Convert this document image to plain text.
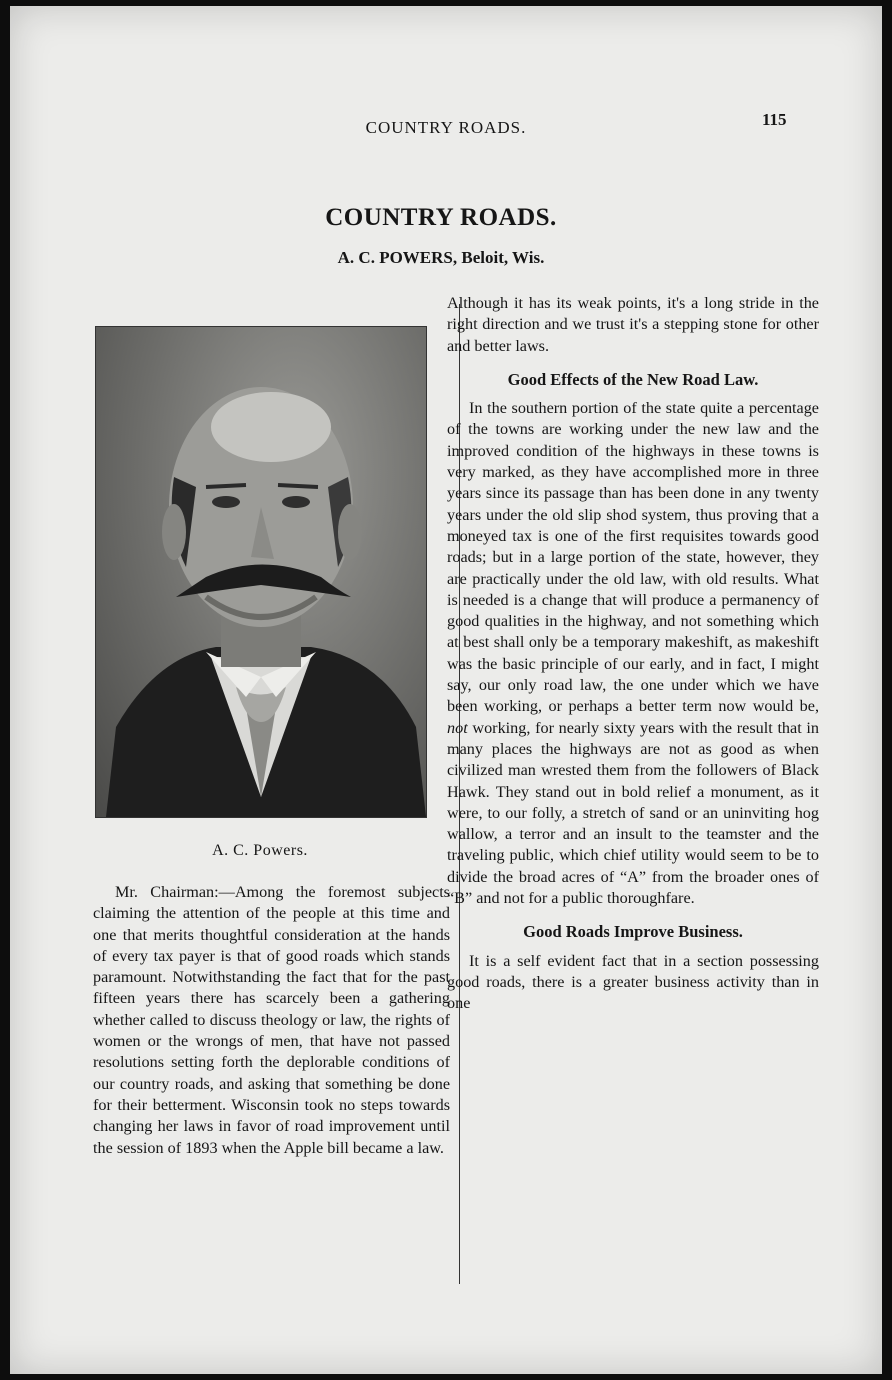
COUNTRY ROADS.	115
COUNTRY ROADS.
A. C. POWERS, Beloit, Wis.
A. C. Powers.

Mr. Chairman:—Among the foremost subjects claiming the attention of the people at this time and one that merits thoughtful consideration at the hands of every tax payer is that of good roads which stands paramount. Notwithstanding the fact that for the past fifteen years there has scarcely been a gathering whether called to discuss theology or law, the rights of women or the wrongs of men, that have not passed resolutions setting forth the deplorable conditions of our country roads, and asking that something be done for their betterment. Wisconsin took no steps towards changing her laws in favor of road improvement until the session of 1893 when the Apple bill became a law.

Although it has its weak points, it's a long stride in the right direction and we trust it's a stepping stone for other and better laws.

Good Effects of the New Road Law.

In the southern portion of the state quite a percentage of the towns are working under the new law and the improved condition of the highways in these towns is very marked, as they have accomplished more in three years since its passage than has been done in any twenty years under the old slip shod system, thus proving that a moneyed tax is one of the first requisites towards good roads; but in a large portion of the state, however, they are practically under the old law, with old results. What is needed is a change that will produce a permanency of good qualities in the highway, and not something which at best shall only be a temporary makeshift, as makeshift was the basic principle of our early, and in fact, I might say, our only road law, the one under which we have been working, or perhaps a better term now would be, not working, for nearly sixty years with the result that in many places the highways are not as good as when civilized man wrested them from the followers of Black Hawk. They stand out in bold relief a monument, as it were, to our folly, a stretch of sand or an uninviting hog wallow, a terror and an insult to the teamster and the traveling public, which chief utility would seem to be to divide the broad acres of “A” from the broader ones of “B” and not for a public thoroughfare.

Good Roads Improve Business.

It is a self evident fact that in a section possessing good roads, there is a greater business activity than in one
